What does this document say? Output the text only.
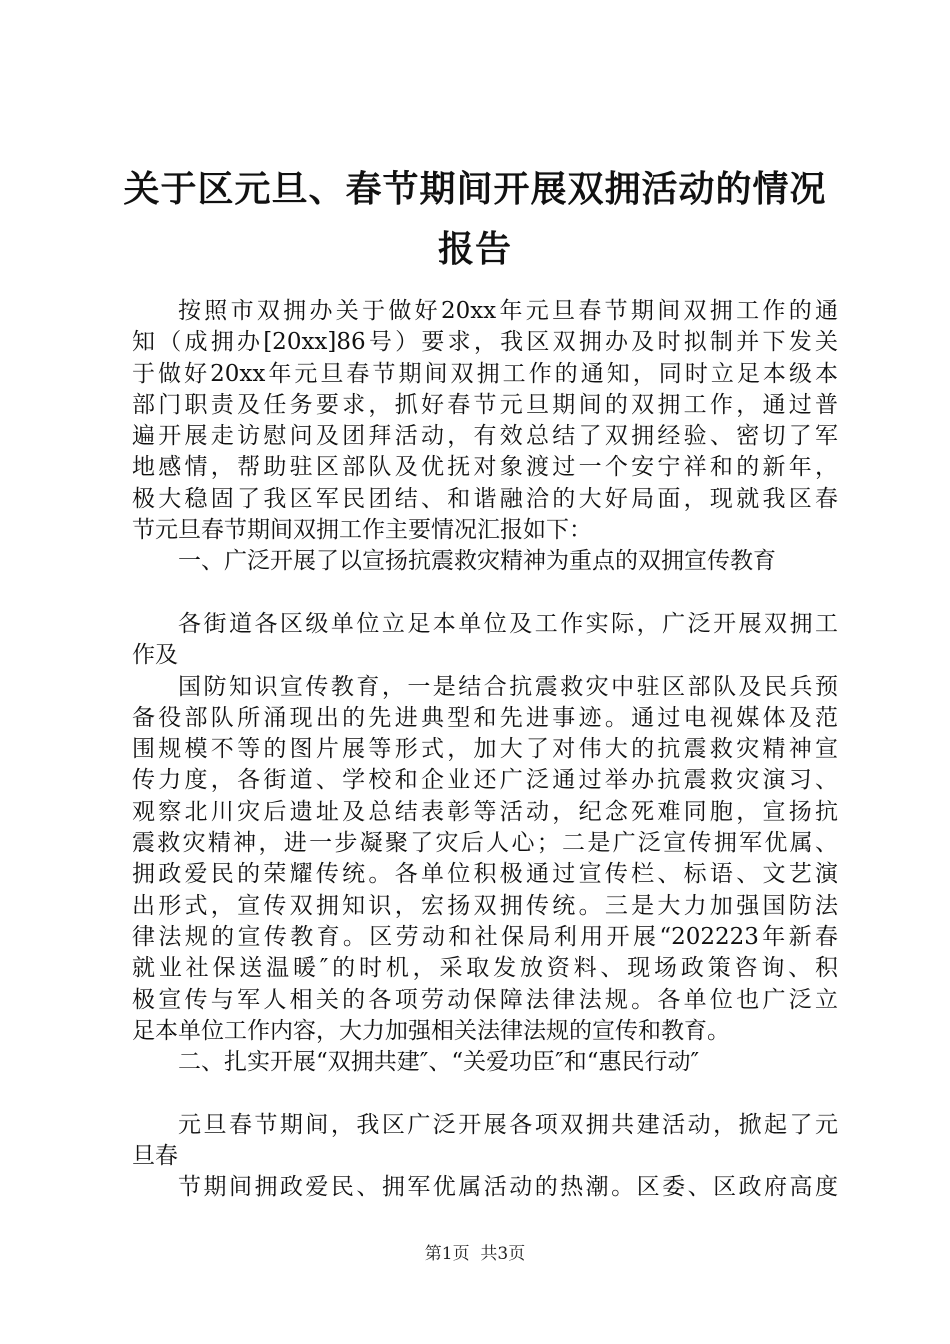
关于区元旦、春节期间开展双拥活动的情况报告
按照市双拥办关于做好20xx年元旦春节期间双拥工作的通
知（成拥办[20xx]86号）要求，我区双拥办及时拟制并下发关
于做好20xx年元旦春节期间双拥工作的通知，同时立足本级本
部门职责及任务要求，抓好春节元旦期间的双拥工作，通过普
遍开展走访慰问及团拜活动，有效总结了双拥经验、密切了军
地感情，帮助驻区部队及优抚对象渡过一个安宁祥和的新年，
极大稳固了我区军民团结、和谐融洽的大好局面，现就我区春
节元旦春节期间双拥工作主要情况汇报如下：
一、广泛开展了以宣扬抗震救灾精神为重点的双拥宣传教育
各街道各区级单位立足本单位及工作实际，广泛开展双拥工
作及
国防知识宣传教育，一是结合抗震救灾中驻区部队及民兵预
备役部队所涌现出的先进典型和先进事迹。通过电视媒体及范
围规模不等的图片展等形式，加大了对伟大的抗震救灾精神宣
传力度，各街道、学校和企业还广泛通过举办抗震救灾演习、
观察北川灾后遗址及总结表彰等活动，纪念死难同胞，宣扬抗
震救灾精神，进一步凝聚了灾后人心；二是广泛宣传拥军优属、
拥政爱民的荣耀传统。各单位积极通过宣传栏、标语、文艺演
出形式，宣传双拥知识，宏扬双拥传统。三是大力加强国防法
律法规的宣传教育。区劳动和社保局利用开展“202223年新春
就业社保送温暖″的时机，采取发放资料、现场政策咨询、积
极宣传与军人相关的各项劳动保障法律法规。各单位也广泛立
足本单位工作内容，大力加强相关法律法规的宣传和教育。
二、扎实开展“双拥共建″、“关爱功臣″和“惠民行动″
元旦春节期间，我区广泛开展各项双拥共建活动，掀起了元
旦春
节期间拥政爱民、拥军优属活动的热潮。区委、区政府高度
第1页 共3页
